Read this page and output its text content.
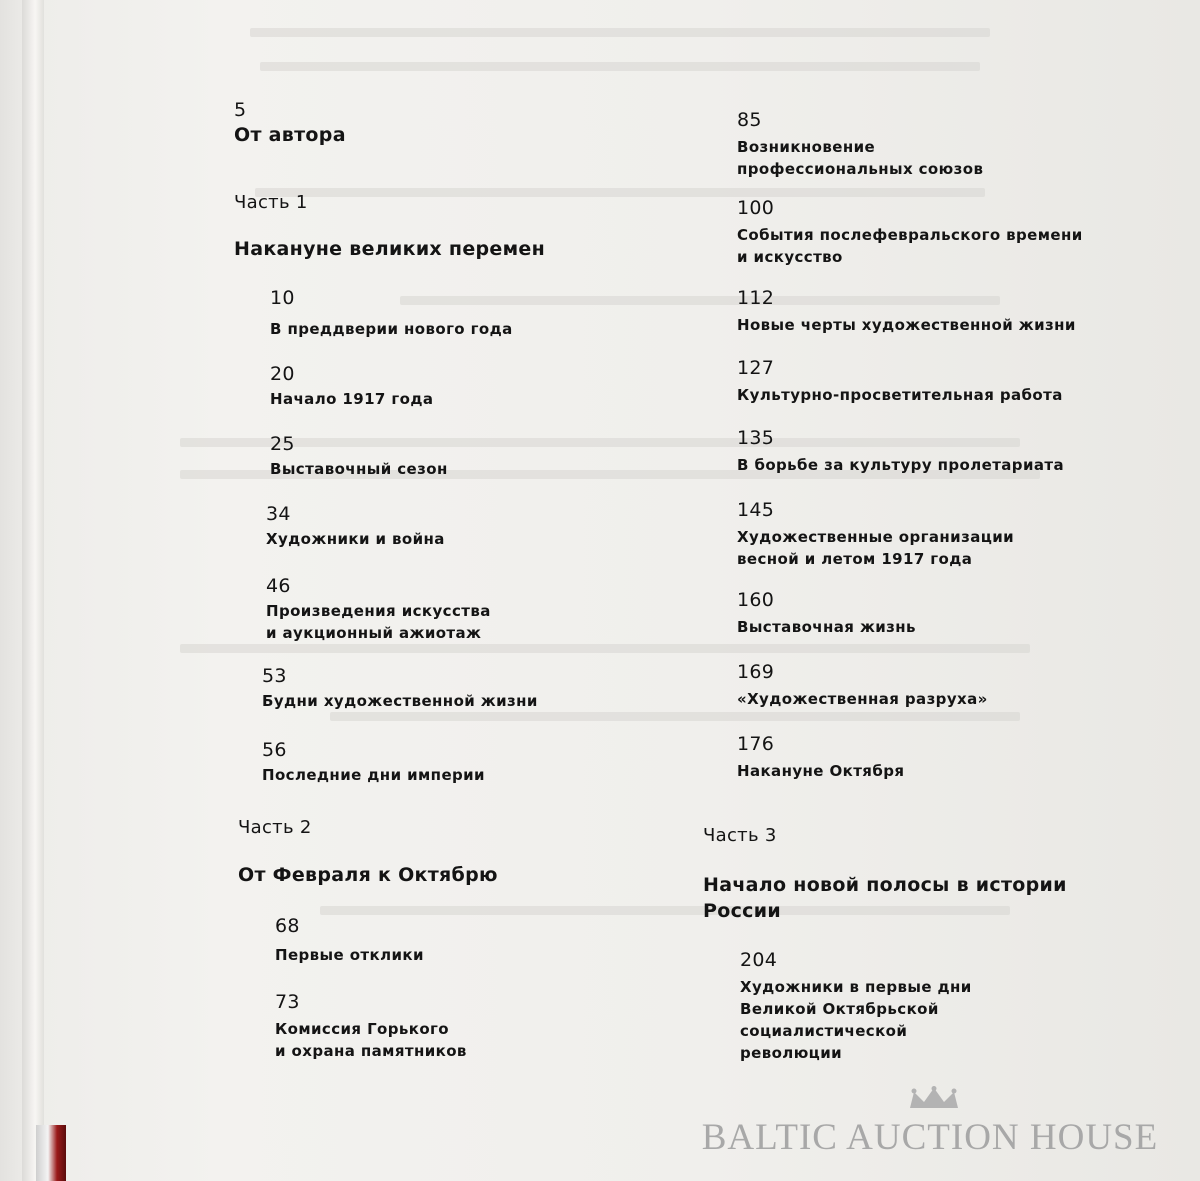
5
От автора
Часть 1
Накануне великих перемен
10
В преддверии нового года
20
Начало 1917 года
25
Выставочный сезон
34
Художники и война
46
Произведения искусства
и аукционный ажиотаж
53
Будни художественной жизни
56
Последние дни империи
Часть 2
От Февраля к Октябрю
68
Первые отклики
73
Комиссия Горького
и охрана памятников
85
Возникновение
профессиональных союзов
100
События послефевральского времени
и искусство
112
Новые черты художественной жизни
127
Культурно-просветительная работа
135
В борьбе за культуру пролетариата
145
Художественные организации
весной и летом 1917 года
160
Выставочная жизнь
169
«Художественная разруха»
176
Накануне Октября
Часть 3
Начало новой полосы в истории
России
204
Художники в первые дни
Великой Октябрьской
социалистической
революции
BALTIC AUCTION HOUSE
